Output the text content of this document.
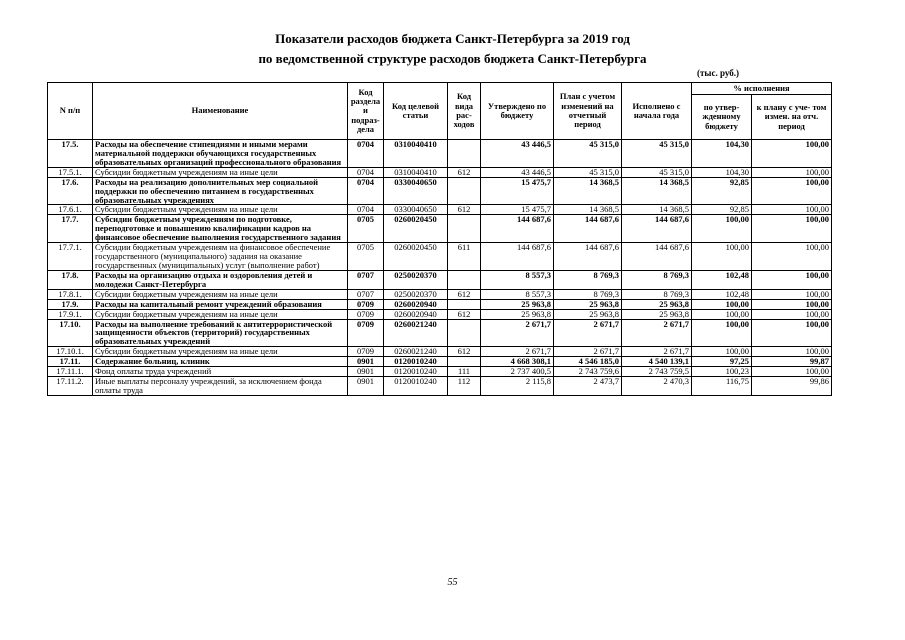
Показатели расходов бюджета Санкт-Петербурга за 2019 год
по ведомственной структуре расходов бюджета Санкт-Петербурга
(тыс. руб.)
N п/п	Наименование	Код раздела и подраз- дела	Код целевой статьи	Код вида рас- ходов	Утверждено по бюджету	План с учетом изменений на отчетный период	Исполнено с начала года	% исполнения	
								по утвер- жденному бюджету	к плану с уче- том измен. на отч. период
17.5.	Расходы на обеспечение стипендиями и иными мерами материальной поддержки обучающихся государственных образовательных организаций профессионального образования	0704	0310040410		43 446,5	45 315,0	45 315,0	104,30	100,00
17.5.1.	Субсидии бюджетным учреждениям на иные цели	0704	0310040410	612	43 446,5	45 315,0	45 315,0	104,30	100,00
17.6.	Расходы на реализацию дополнительных мер социальной поддержки по обеспечению питанием в государственных образовательных учреждениях	0704	0330040650		15 475,7	14 368,5	14 368,5	92,85	100,00
17.6.1.	Субсидии бюджетным учреждениям на иные цели	0704	0330040650	612	15 475,7	14 368,5	14 368,5	92,85	100,00
17.7.	Субсидии бюджетным учреждениям по подготовке, переподготовке и повышению квалификации кадров на финансовое обеспечение выполнения государственного задания	0705	0260020450		144 687,6	144 687,6	144 687,6	100,00	100,00
17.7.1.	Субсидии бюджетным учреждениям на финансовое обеспечение государственного (муниципального) задания на оказание государственных (муниципальных) услуг (выполнение работ)	0705	0260020450	611	144 687,6	144 687,6	144 687,6	100,00	100,00
17.8.	Расходы на организацию отдыха и оздоровления детей и молодежи Санкт-Петербурга	0707	0250020370		8 557,3	8 769,3	8 769,3	102,48	100,00
17.8.1.	Субсидии бюджетным учреждениям на иные цели	0707	0250020370	612	8 557,3	8 769,3	8 769,3	102,48	100,00
17.9.	Расходы на капитальный ремонт учреждений образования	0709	0260020940		25 963,8	25 963,8	25 963,8	100,00	100,00
17.9.1.	Субсидии бюджетным учреждениям на иные цели	0709	0260020940	612	25 963,8	25 963,8	25 963,8	100,00	100,00
17.10.	Расходы на выполнение требований к антитеррористической защищенности объектов (территорий) государственных образовательных учреждений	0709	0260021240		2 671,7	2 671,7	2 671,7	100,00	100,00
17.10.1.	Субсидии бюджетным учреждениям на иные цели	0709	0260021240	612	2 671,7	2 671,7	2 671,7	100,00	100,00
17.11.	Содержание больниц, клиник	0901	0120010240		4 668 308,1	4 546 185,0	4 540 139,1	97,25	99,87
17.11.1.	Фонд оплаты труда учреждений	0901	0120010240	111	2 737 400,5	2 743 759,6	2 743 759,5	100,23	100,00
17.11.2.	Иные выплаты персоналу учреждений, за исключением фонда оплаты труда	0901	0120010240	112	2 115,8	2 473,7	2 470,3	116,75	99,86
55
